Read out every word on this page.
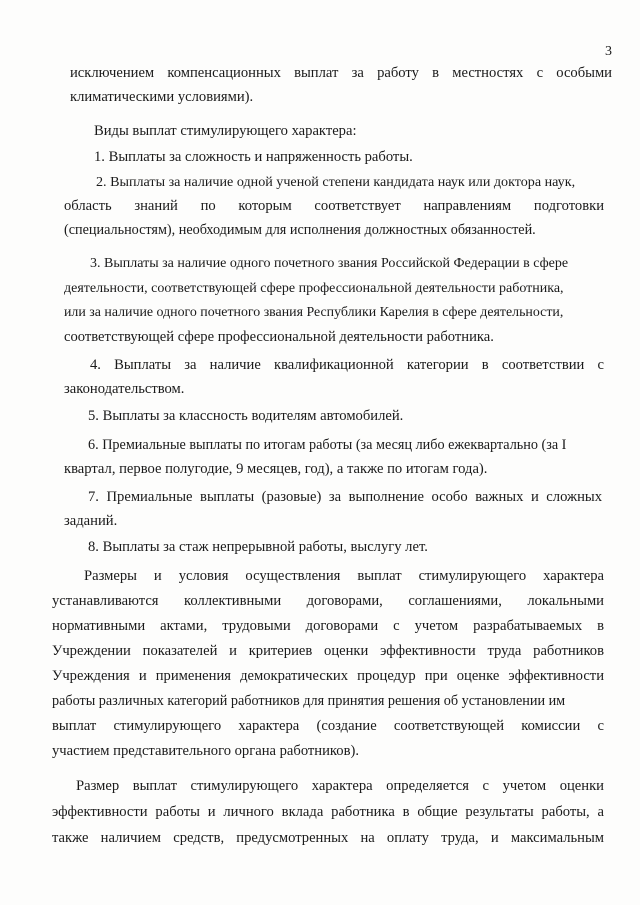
3
исключением компенсационных выплат за работу в местностях с особыми
климатическими условиями).
Виды выплат стимулирующего характера:
1. Выплаты за сложность и напряженность работы.
2. Выплаты за наличие одной ученой степени кандидата наук или доктора наук,
область знаний по которым соответствует направлениям подготовки
(специальностям), необходимым для исполнения должностных обязанностей.
3. Выплаты за наличие одного почетного звания Российской Федерации в сфере
деятельности, соответствующей сфере профессиональной деятельности работника,
или за наличие одного почетного звания Республики Карелия в сфере деятельности,
соответствующей сфере профессиональной деятельности работника.
4. Выплаты за наличие квалификационной категории в соответствии с
законодательством.
5. Выплаты за классность водителям автомобилей.
6. Премиальные выплаты по итогам работы (за месяц либо ежеквартально (за I
квартал, первое полугодие, 9 месяцев, год), а также по итогам года).
7. Премиальные выплаты (разовые) за выполнение особо важных и сложных
заданий.
8. Выплаты за стаж непрерывной работы, выслугу лет.
Размеры и условия осуществления выплат стимулирующего характера
устанавливаются коллективными договорами, соглашениями, локальными
нормативными актами, трудовыми договорами с учетом разрабатываемых в
Учреждении показателей и критериев оценки эффективности труда работников
Учреждения и применения демократических процедур при оценке эффективности
работы различных категорий работников для принятия решения об установлении им
выплат стимулирующего характера (создание соответствующей комиссии с
участием представительного органа работников).
Размер выплат стимулирующего характера определяется с учетом оценки
эффективности работы и личного вклада работника в общие результаты работы, а
также наличием средств, предусмотренных на оплату труда, и максимальным
